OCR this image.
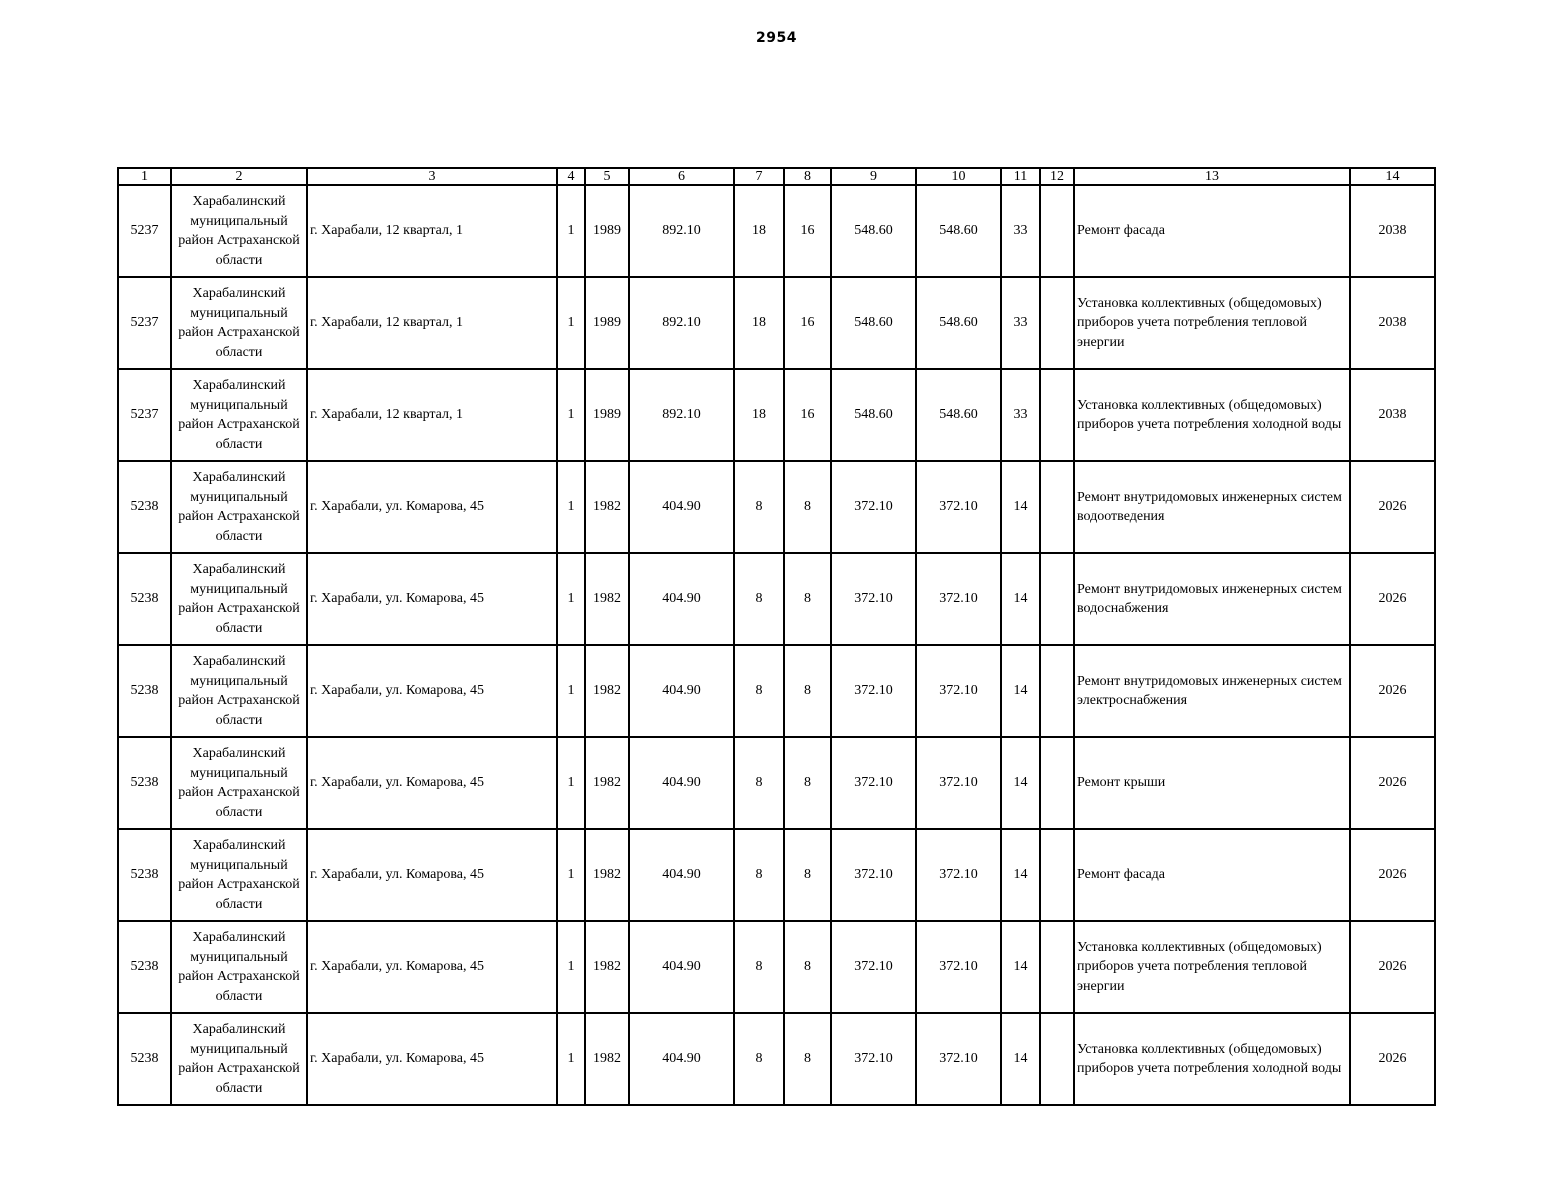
2954
1	2	3	4	5	6	7	8	9	10	11	12	13	14
5237	Харабалинский муниципальный район Астраханской области	г. Харабали, 12 квартал, 1	1	1989	892.10	18	16	548.60	548.60	33		Ремонт фасада	2038
5237	Харабалинский муниципальный район Астраханской области	г. Харабали, 12 квартал, 1	1	1989	892.10	18	16	548.60	548.60	33		Установка коллективных (общедомовых) приборов учета потребления тепловой энергии	2038
5237	Харабалинский муниципальный район Астраханской области	г. Харабали, 12 квартал, 1	1	1989	892.10	18	16	548.60	548.60	33		Установка коллективных (общедомовых) приборов учета потребления холодной воды	2038
5238	Харабалинский муниципальный район Астраханской области	г. Харабали, ул. Комарова, 45	1	1982	404.90	8	8	372.10	372.10	14		Ремонт внутридомовых инженерных систем водоотведения	2026
5238	Харабалинский муниципальный район Астраханской области	г. Харабали, ул. Комарова, 45	1	1982	404.90	8	8	372.10	372.10	14		Ремонт внутридомовых инженерных систем водоснабжения	2026
5238	Харабалинский муниципальный район Астраханской области	г. Харабали, ул. Комарова, 45	1	1982	404.90	8	8	372.10	372.10	14		Ремонт внутридомовых инженерных систем электроснабжения	2026
5238	Харабалинский муниципальный район Астраханской области	г. Харабали, ул. Комарова, 45	1	1982	404.90	8	8	372.10	372.10	14		Ремонт крыши	2026
5238	Харабалинский муниципальный район Астраханской области	г. Харабали, ул. Комарова, 45	1	1982	404.90	8	8	372.10	372.10	14		Ремонт фасада	2026
5238	Харабалинский муниципальный район Астраханской области	г. Харабали, ул. Комарова, 45	1	1982	404.90	8	8	372.10	372.10	14		Установка коллективных (общедомовых) приборов учета потребления тепловой энергии	2026
5238	Харабалинский муниципальный район Астраханской области	г. Харабали, ул. Комарова, 45	1	1982	404.90	8	8	372.10	372.10	14		Установка коллективных (общедомовых) приборов учета потребления холодной воды	2026
